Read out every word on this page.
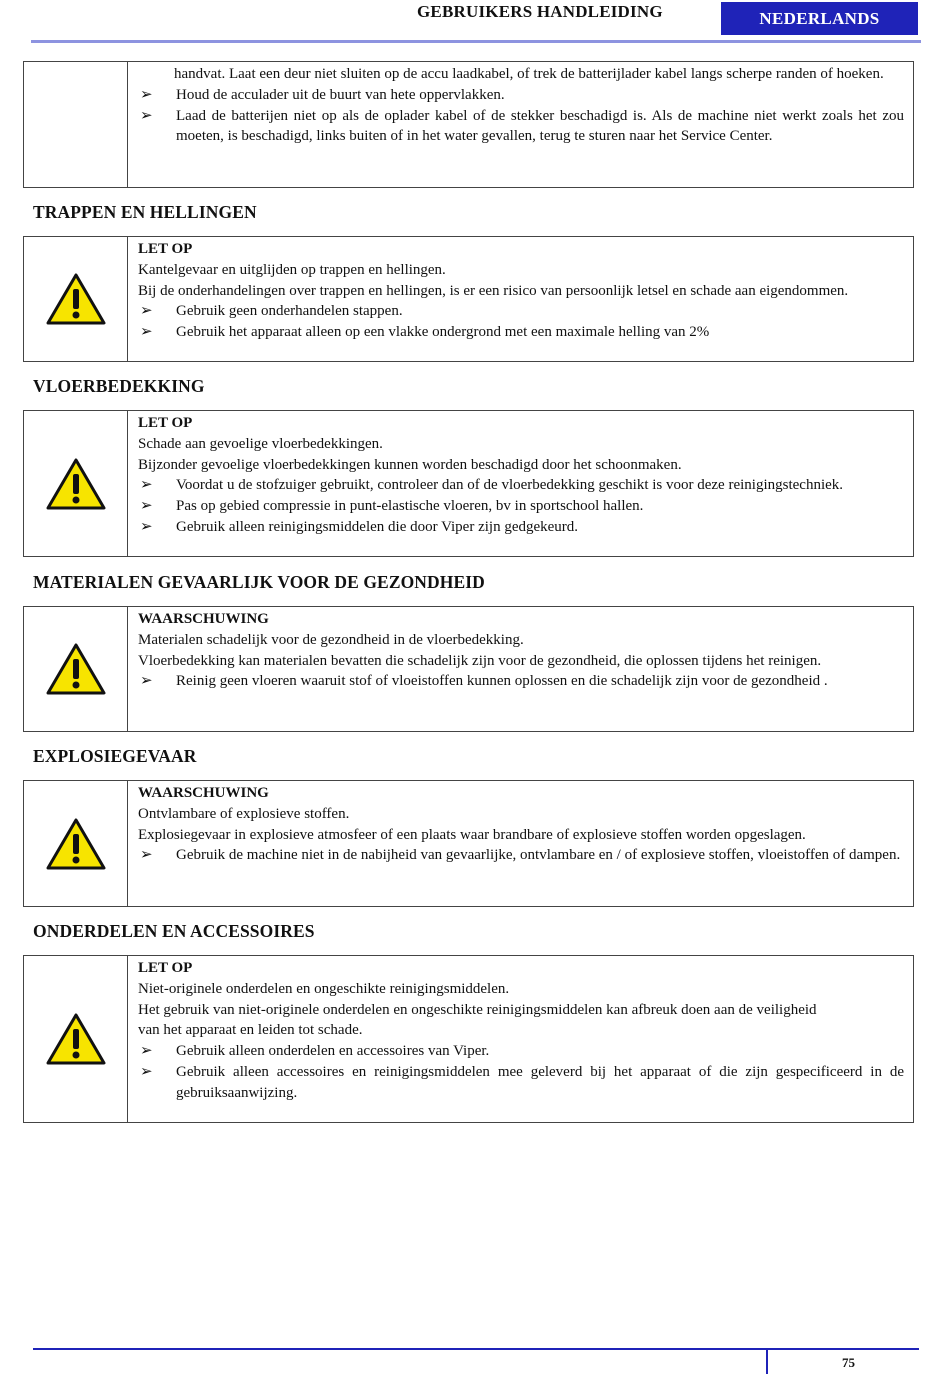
GEBRUIKERS HANDLEIDING	NEDERLANDS

handvat. Laat een deur niet sluiten op de accu laadkabel, of trek de batterijlader kabel langs scherpe randen of hoeken.

➢	Houd de acculader uit de buurt van hete oppervlakken.
➢	Laad de batterijen niet op als de oplader kabel of de stekker beschadigd is. Als de machine niet werkt zoals het zou moeten, is beschadigd, links buiten of in het water gevallen, terug te sturen naar het Service Center.
TRAPPEN EN HELLINGEN

LET OP

Kantelgevaar en uitglijden op trappen en hellingen.

Bij de onderhandelingen over trappen en hellingen, is er een risico van persoonlijk letsel en schade aan eigendommen.

➢	Gebruik geen onderhandelen stappen.
➢	Gebruik het apparaat alleen op een vlakke ondergrond met een maximale helling van 2%
VLOERBEDEKKING

LET OP

Schade aan gevoelige vloerbedekkingen.

Bijzonder gevoelige vloerbedekkingen kunnen worden beschadigd door het schoonmaken.

➢	Voordat u de stofzuiger gebruikt, controleer dan of de vloerbedekking geschikt is voor deze reinigingstechniek.
➢	Pas op gebied compressie in punt-elastische vloeren, bv in sportschool hallen.
➢	Gebruik alleen reinigingsmiddelen die door Viper zijn gedgekeurd.
MATERIALEN GEVAARLIJK VOOR DE GEZONDHEID

WAARSCHUWING

Materialen schadelijk voor de gezondheid in de vloerbedekking.

Vloerbedekking kan materialen bevatten die schadelijk zijn voor de gezondheid, die oplossen tijdens het reinigen.

➢	Reinig geen vloeren waaruit stof of vloeistoffen kunnen oplossen en die schadelijk zijn voor de gezondheid .
EXPLOSIEGEVAAR

WAARSCHUWING

Ontvlambare of explosieve stoffen.

Explosiegevaar in explosieve atmosfeer of een plaats waar brandbare of explosieve stoffen worden opgeslagen.

➢	Gebruik de machine niet in de nabijheid van gevaarlijke, ontvlambare en / of explosieve stoffen, vloeistoffen of dampen.
ONDERDELEN EN ACCESSOIRES

LET OP

Niet-originele onderdelen en ongeschikte reinigingsmiddelen.

Het gebruik van niet-originele onderdelen en ongeschikte reinigingsmiddelen kan afbreuk doen aan de veiligheid

van het apparaat en leiden tot schade.

➢	Gebruik alleen onderdelen en accessoires van Viper.
➢	Gebruik alleen accessoires en reinigingsmiddelen mee geleverd bij het apparaat of die zijn gespecificeerd in de gebruiksaanwijzing.
75
